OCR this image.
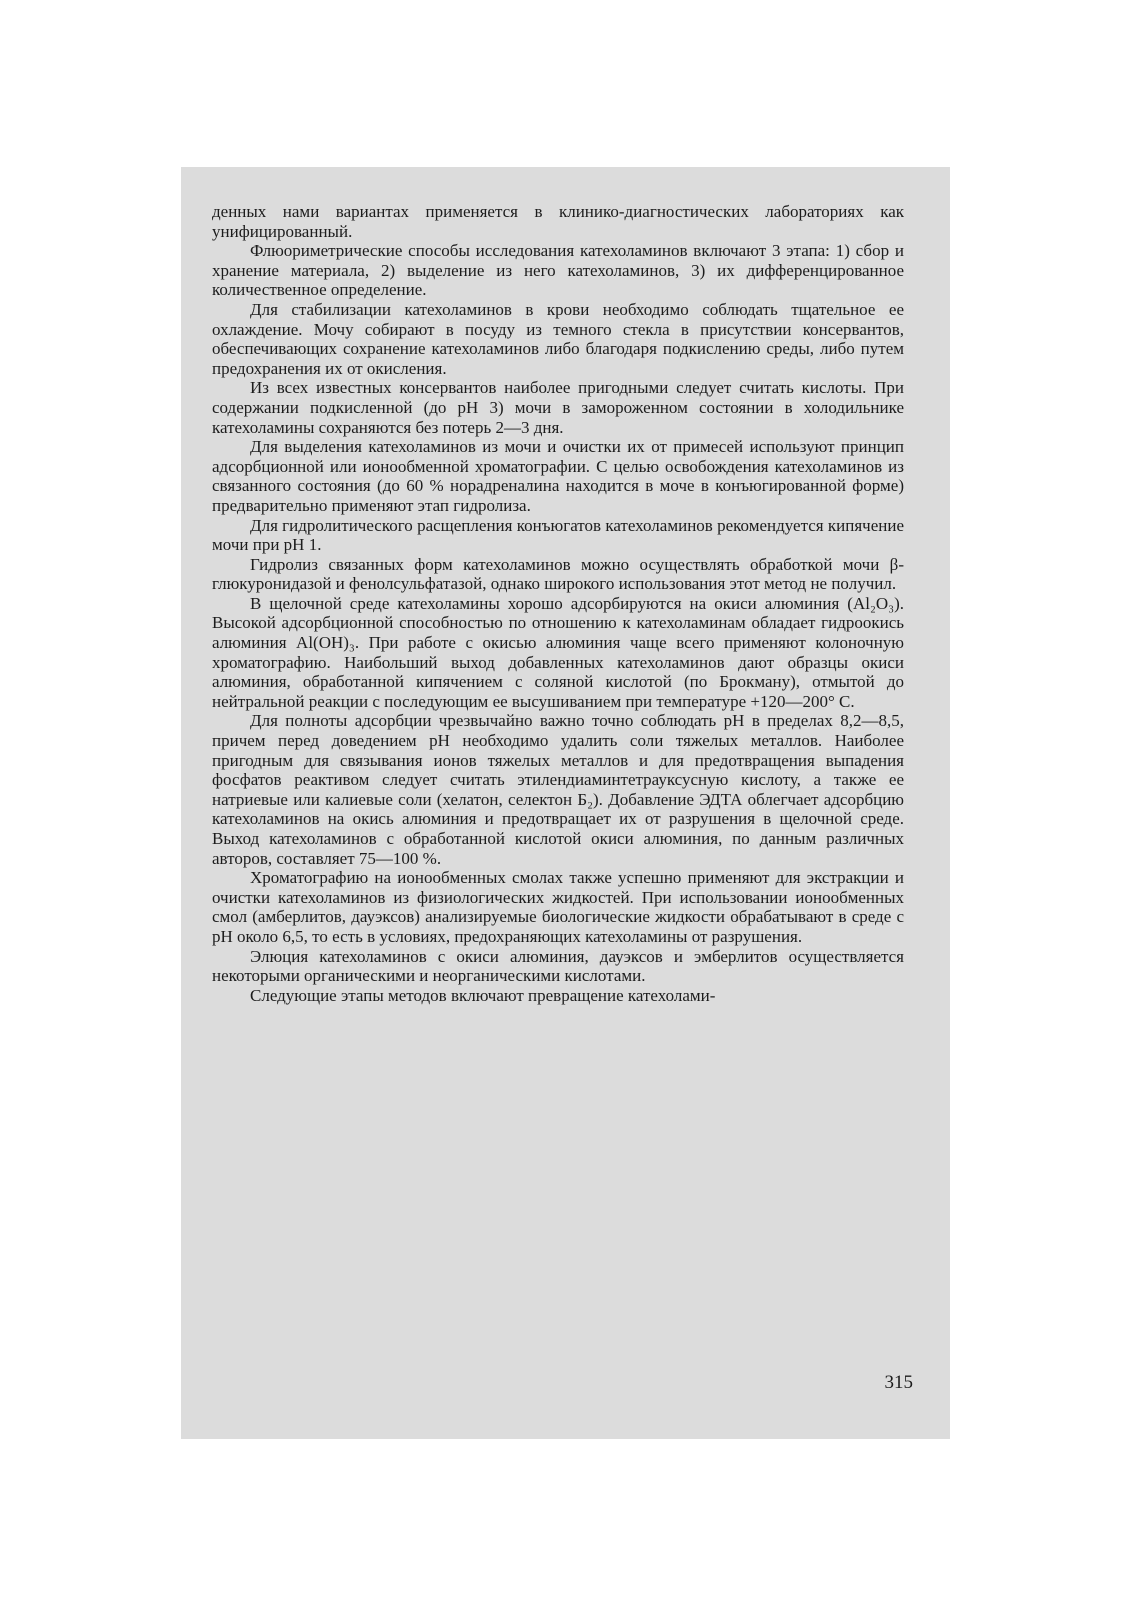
денных нами вариантах применяется в клинико-диагностических лабораториях как унифицированный.

Флюориметрические способы исследования катехоламинов включают 3 этапа: 1) сбор и хранение материала, 2) выделение из него катехоламинов, 3) их дифференцированное количественное определение.

Для стабилизации катехоламинов в крови необходимо соблюдать тщательное ее охлаждение. Мочу собирают в посуду из темного стекла в присутствии консервантов, обеспечивающих сохранение катехоламинов либо благодаря подкислению среды, либо путем предохранения их от окисления.

Из всех известных консервантов наиболее пригодными следует считать кислоты. При содержании подкисленной (до pH 3) мочи в замороженном состоянии в холодильнике катехоламины сохраняются без потерь 2—3 дня.

Для выделения катехоламинов из мочи и очистки их от примесей используют принцип адсорбционной или ионообменной хроматографии. С целью освобождения катехоламинов из связанного состояния (до 60 % норадреналина находится в моче в конъюгированной форме) предварительно применяют этап гидролиза.

Для гидролитического расщепления конъюгатов катехоламинов рекомендуется кипячение мочи при pH 1.

Гидролиз связанных форм катехоламинов можно осуществлять обработкой мочи β-глюкуронидазой и фенолсульфатазой, однако широкого использования этот метод не получил.

В щелочной среде катехоламины хорошо адсорбируются на окиси алюминия (Al₂O₃). Высокой адсорбционной способностью по отношению к катехоламинам обладает гидроокись алюминия Al(OH)₃. При работе с окисью алюминия чаще всего применяют колоночную хроматографию. Наибольший выход добавленных катехоламинов дают образцы окиси алюминия, обработанной кипячением с соляной кислотой (по Брокману), отмытой до нейтральной реакции с последующим ее высушиванием при температуре +120—200° С.

Для полноты адсорбции чрезвычайно важно точно соблюдать pH в пределах 8,2—8,5, причем перед доведением pH необходимо удалить соли тяжелых металлов. Наиболее пригодным для связывания ионов тяжелых металлов и для предотвращения выпадения фосфатов реактивом следует считать этилендиаминтетрауксусную кислоту, а также ее натриевые или калиевые соли (хелатон, селектон Б₂). Добавление ЭДТА облегчает адсорбцию катехоламинов на окись алюминия и предотвращает их от разрушения в щелочной среде. Выход катехоламинов с обработанной кислотой окиси алюминия, по данным различных авторов, составляет 75—100 %.

Хроматографию на ионообменных смолах также успешно применяют для экстракции и очистки катехоламинов из физиологических жидкостей. При использовании ионообменных смол (амберлитов, дауэксов) анализируемые биологические жидкости обрабатывают в среде с pH около 6,5, то есть в условиях, предохраняющих катехоламины от разрушения.

Элюция катехоламинов с окиси алюминия, дауэксов и эмберлитов осуществляется некоторыми органическими и неорганическими кислотами.

Следующие этапы методов включают превращение катехолами-

315
